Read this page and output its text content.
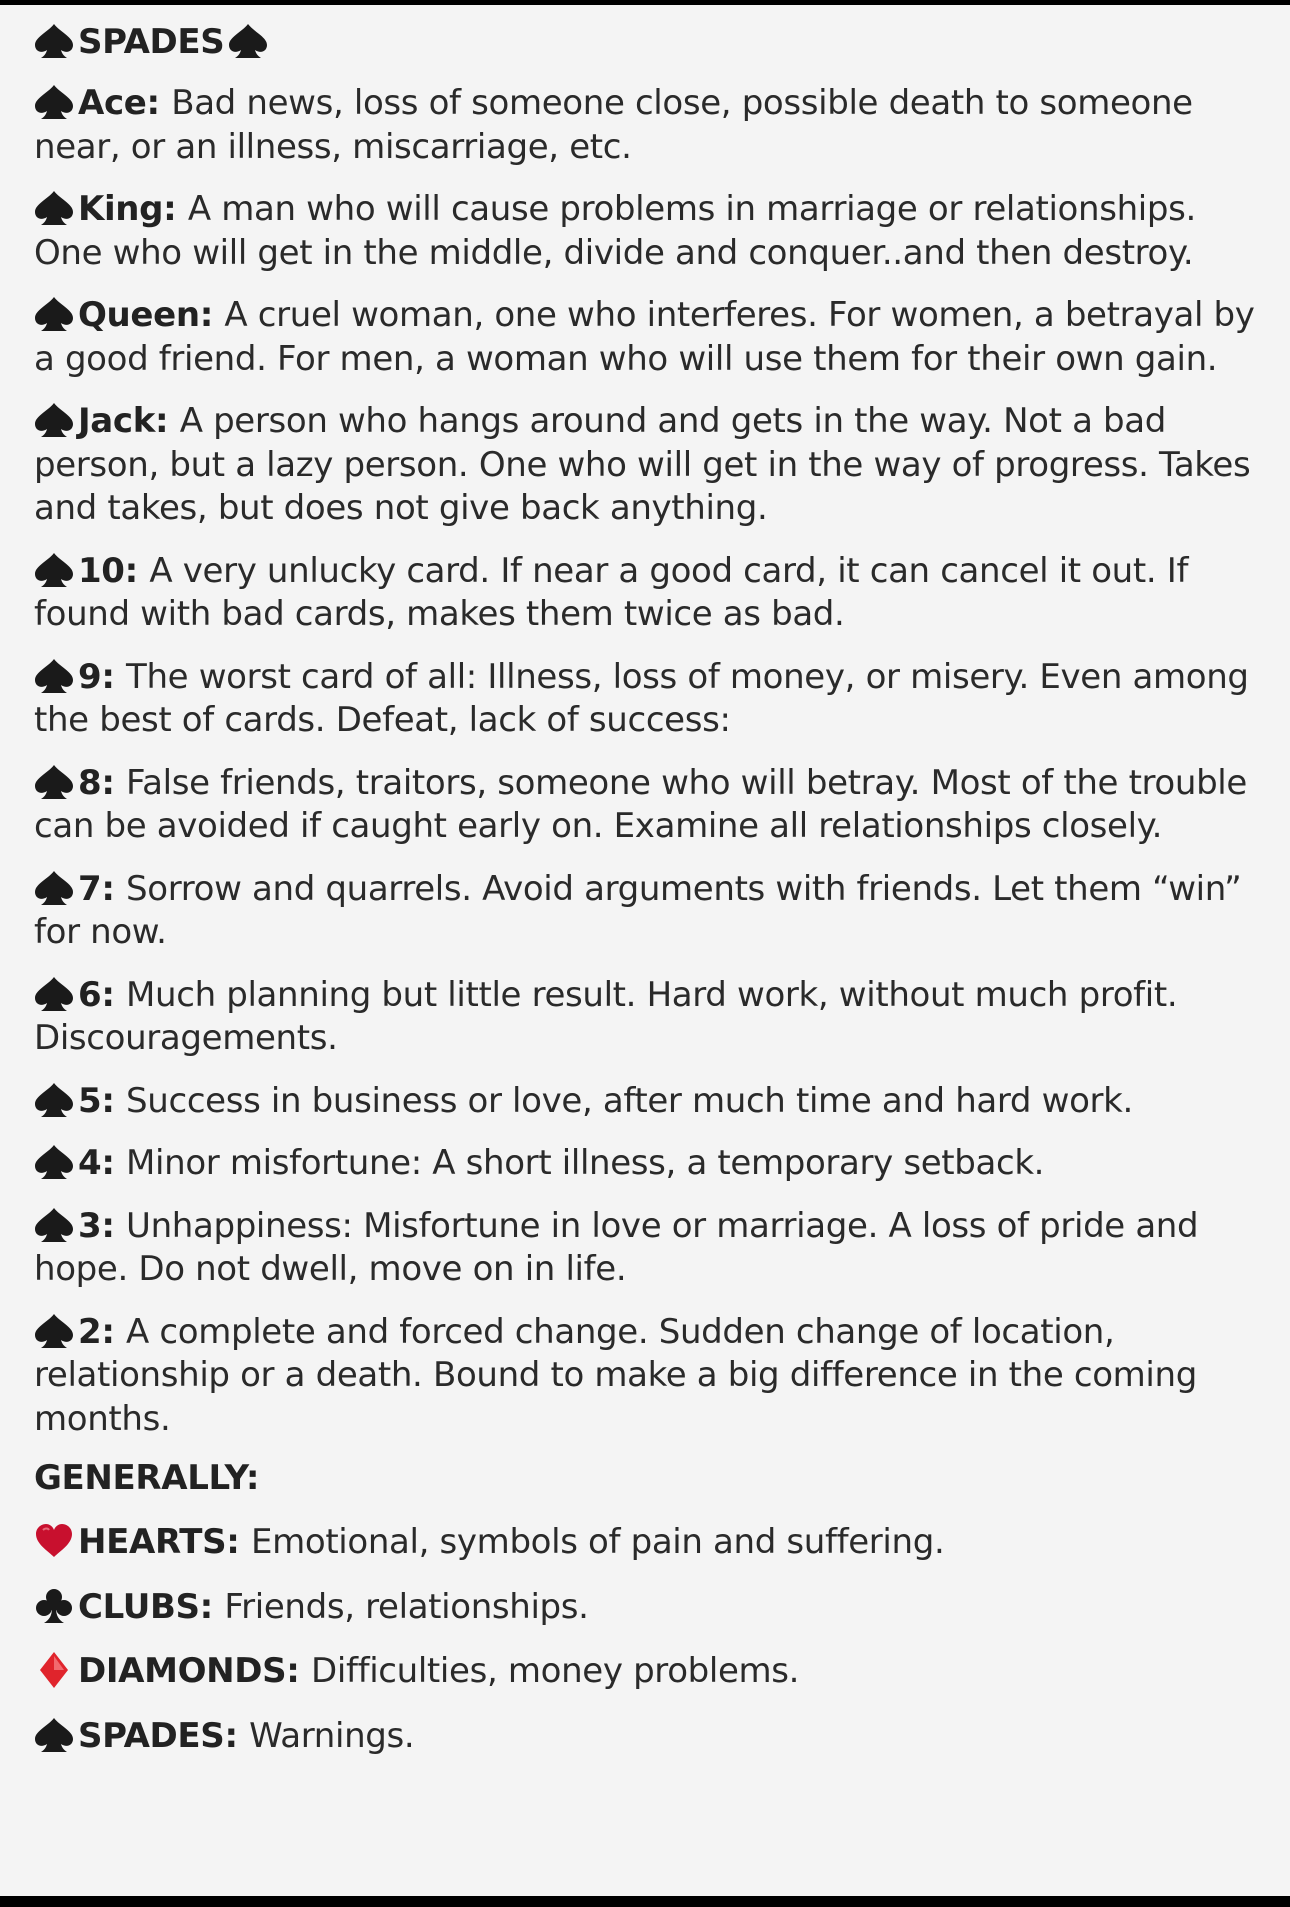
SPADES
Ace: Bad news, loss of someone close, possible death to someone near, or an illness, miscarriage, etc.
King: A man who will cause problems in marriage or relationships. One who will get in the middle, divide and conquer..and then destroy.
Queen: A cruel woman, one who interferes. For women, a betrayal by a good friend. For men, a woman who will use them for their own gain.
Jack: A person who hangs around and gets in the way. Not a bad person, but a lazy person. One who will get in the way of progress. Takes and takes, but does not give back anything.
10: A very unlucky card. If near a good card, it can cancel it out. If found with bad cards, makes them twice as bad.
9: The worst card of all: Illness, loss of money, or misery. Even among the best of cards. Defeat, lack of success:
8: False friends, traitors, someone who will betray. Most of the trouble can be avoided if caught early on. Examine all relationships closely.
7: Sorrow and quarrels. Avoid arguments with friends. Let them “win” for now.
6: Much planning but little result. Hard work, without much profit. Discouragements.
5: Success in business or love, after much time and hard work.
4: Minor misfortune: A short illness, a temporary setback.
3: Unhappiness: Misfortune in love or marriage. A loss of pride and hope. Do not dwell, move on in life.
2: A complete and forced change. Sudden change of location, relationship or a death. Bound to make a big difference in the coming months.
GENERALLY:
HEARTS: Emotional, symbols of pain and suffering.
CLUBS: Friends, relationships.
DIAMONDS: Difficulties, money problems.
SPADES: Warnings.
